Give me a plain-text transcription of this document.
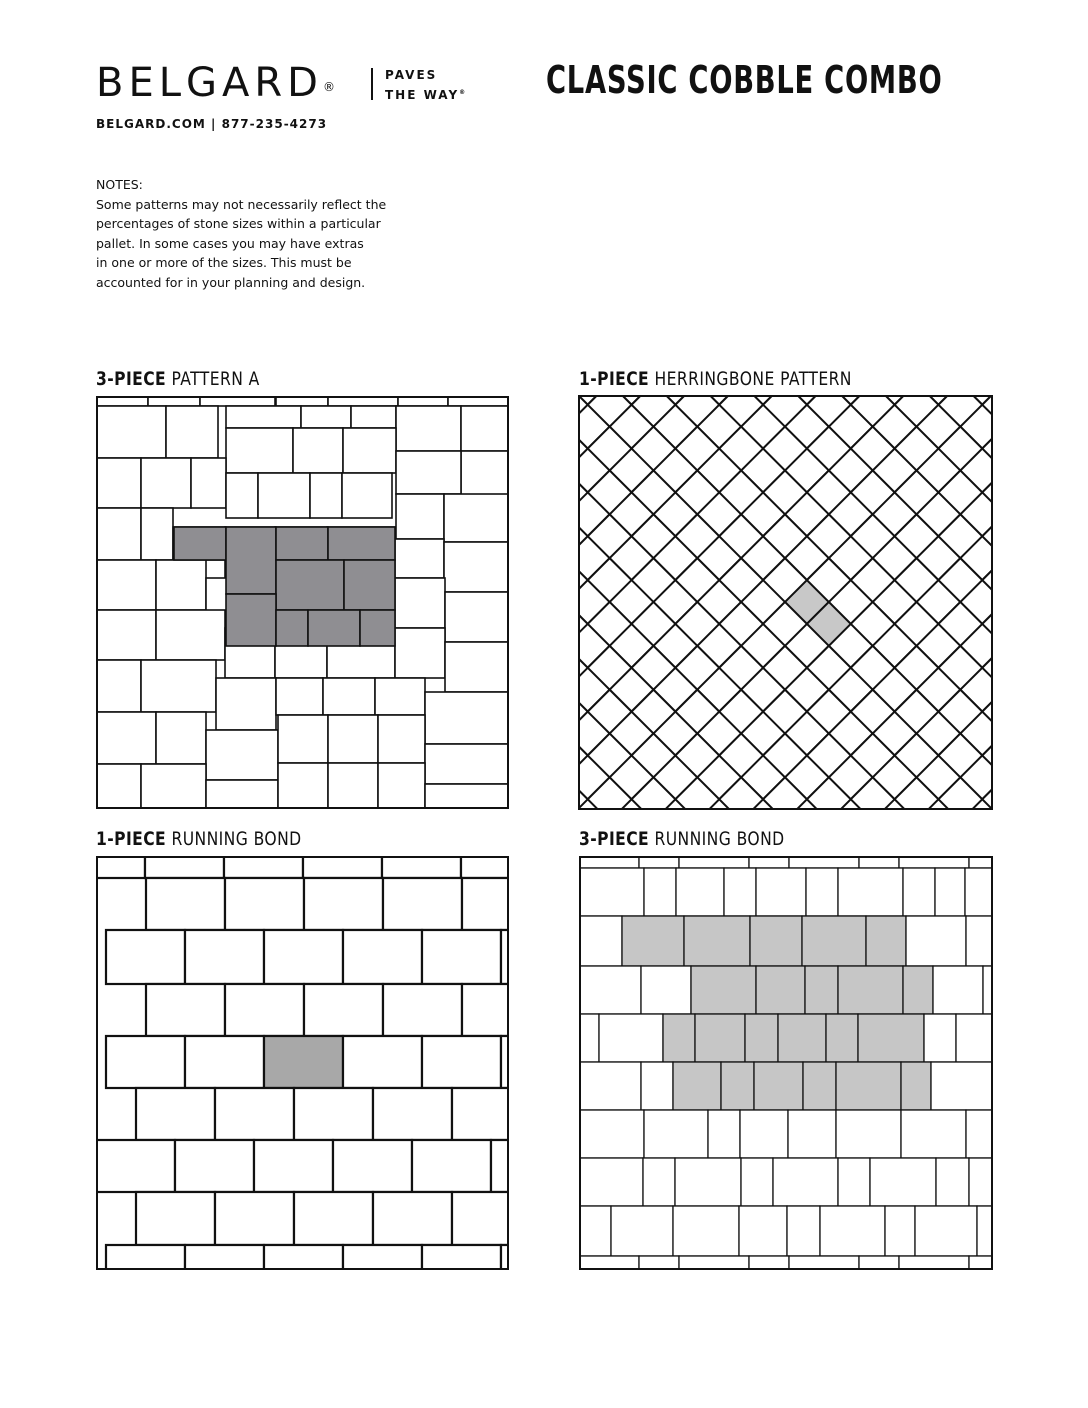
BELGARD®
PAVES
THE WAY®
BELGARD.COM | 877-235-4273
CLASSIC COBBLE COMBO
NOTES:
Some patterns may not necessarily reflect the
percentages of stone sizes within a particular
pallet. In some cases you may have extras
in one or more of the sizes. This must be
accounted for in your planning and design.
3-PIECE PATTERN A	1-PIECE HERRINGBONE PATTERN
1-PIECE RUNNING BOND	3-PIECE RUNNING BOND
